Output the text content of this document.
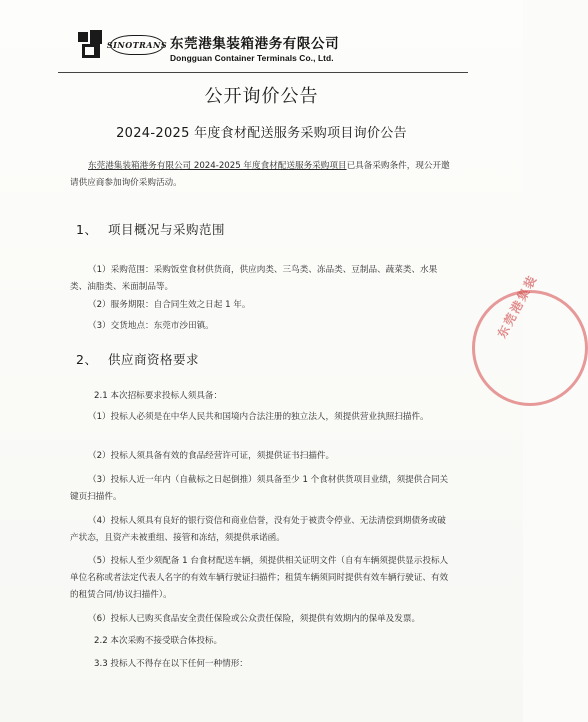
SINOTRANS 东莞港集装箱港务有限公司
Dongguan Container Terminals Co., Ltd.
公开询价公告
2024-2025 年度食材配送服务采购项目询价公告
东莞港集装箱港务有限公司 2024-2025 年度食材配送服务采购项目已具备采购条件，现公开邀请供应商参加询价采购活动。
1、 项目概况与采购范围
（1）采购范围：采购饭堂食材供货商，供应肉类、三鸟类、冻品类、豆制品、蔬菜类、水果类、油脂类、米面制品等。
（2）服务期限：自合同生效之日起 1 年。
（3）交货地点：东莞市沙田镇。
2、 供应商资格要求
2.1 本次招标要求投标人须具备：
（1）投标人必须是在中华人民共和国境内合法注册的独立法人，须提供营业执照扫描件。
（2）投标人须具备有效的食品经营许可证，须提供证书扫描件。
（3）投标人近一年内（自截标之日起倒推）须具备至少 1 个食材供货项目业绩，须提供合同关键页扫描件。
（4）投标人须具有良好的银行资信和商业信誉，没有处于被责令停业、无法清偿到期债务或破产状态，且资产未被重组、接管和冻结，须提供承诺函。
（5）投标人至少须配备 1 台食材配送车辆，须提供相关证明文件（自有车辆须提供显示投标人单位名称或者法定代表人名字的有效车辆行驶证扫描件；租赁车辆须同时提供有效车辆行驶证、有效的租赁合同/协议扫描件）。
（6）投标人已购买食品安全责任保险或公众责任保险，须提供有效期内的保单及发票。
2.2 本次采购不接受联合体投标。
3.3 投标人不得存在以下任何一种情形：
东莞港集装
